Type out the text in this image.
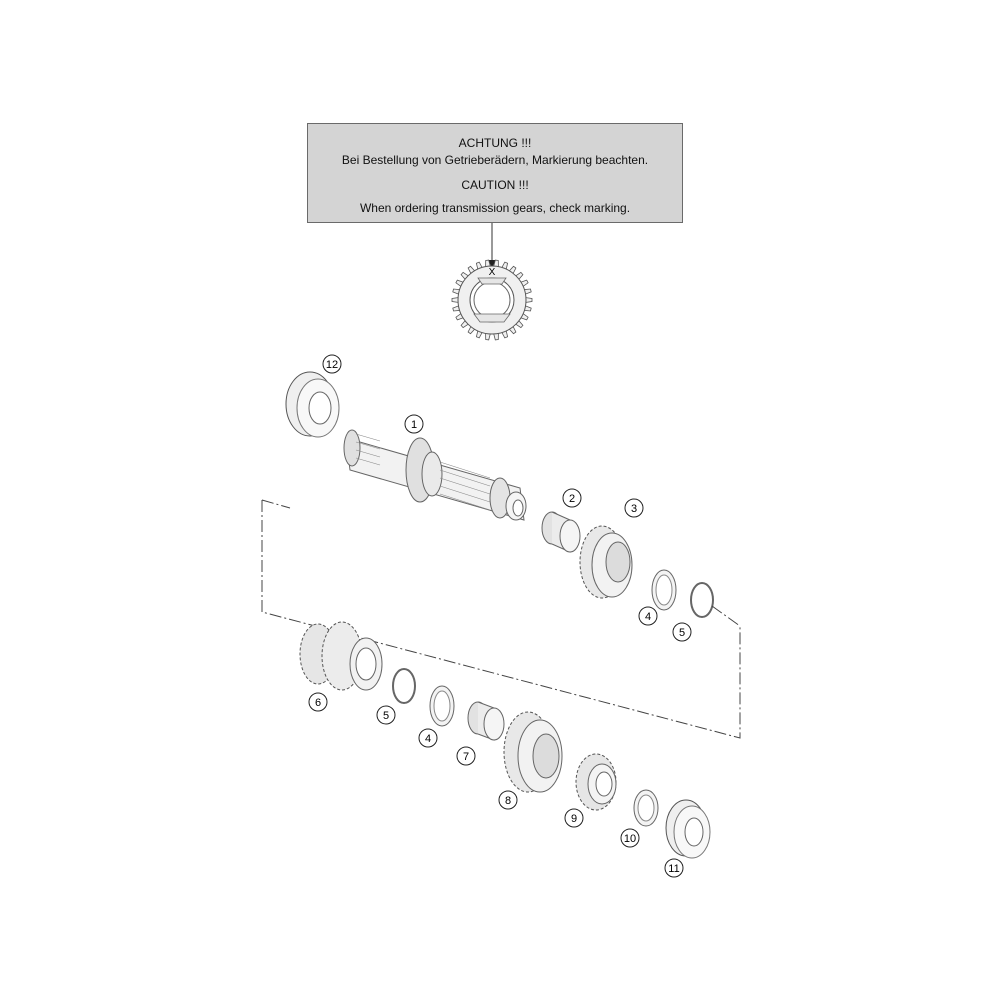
ACHTUNG !!!
Bei Bestellung von Getrieberädern, Markierung beachten.
CAUTION !!!
When ordering transmission gears, check marking.
X
12
1
2
3
4
5
6
5
4
7
8
9
10
11
